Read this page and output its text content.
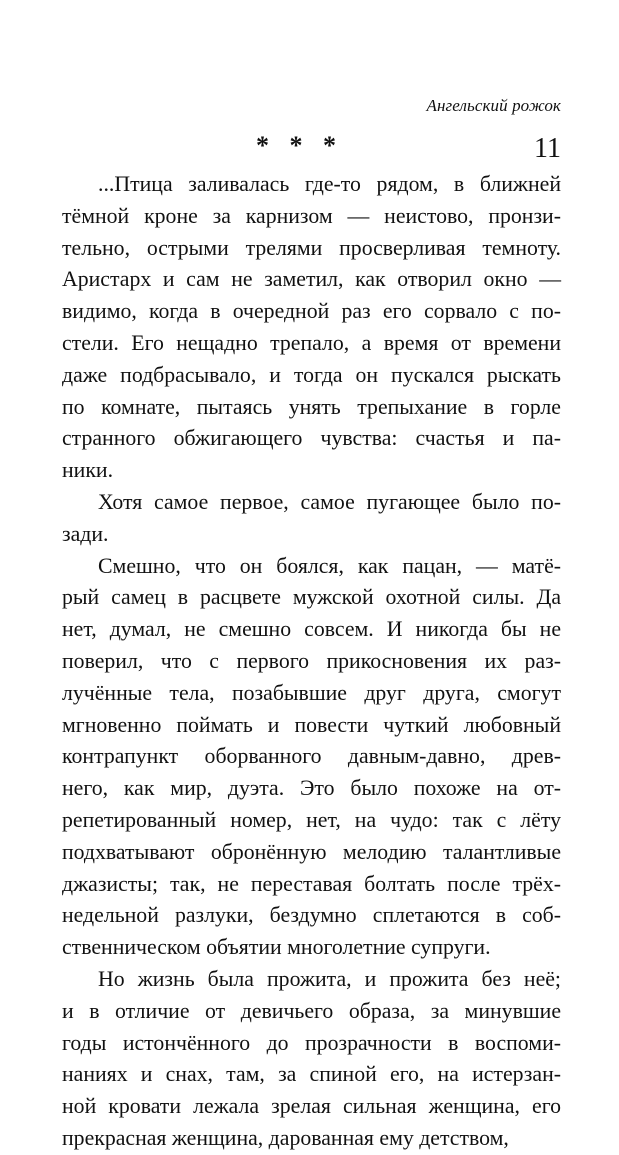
Ангельский рожок
* * *	11
...Птица заливалась где-то рядом, в ближней
тёмной кроне за карнизом — неистово, пронзи-
тельно, острыми трелями просверливая темноту.
Аристарх и сам не заметил, как отворил окно —
видимо, когда в очередной раз его сорвало с по-
стели. Его нещадно трепало, а время от времени
даже подбрасывало, и тогда он пускался рыскать
по комнате, пытаясь унять трепыхание в горле
странного обжигающего чувства: счастья и па-
ники.
Хотя самое первое, самое пугающее было по-
зади.
Смешно, что он боялся, как пацан, — матё-
рый самец в расцвете мужской охотной силы. Да
нет, думал, не смешно совсем. И никогда бы не
поверил, что с первого прикосновения их раз-
лучённые тела, позабывшие друг друга, смогут
мгновенно поймать и повести чуткий любовный
контрапункт оборванного давным-давно, древ-
него, как мир, дуэта. Это было похоже на от-
репетированный номер, нет, на чудо: так с лёту
подхватывают обронённую мелодию талантливые
джазисты; так, не переставая болтать после трёх-
недельной разлуки, бездумно сплетаются в соб-
ственническом объятии многолетние супруги.
Но жизнь была прожита, и прожита без неё;
и в отличие от девичьего образа, за минувшие
годы истончённого до прозрачности в воспоми-
наниях и снах, там, за спиной его, на истерзан-
ной кровати лежала зрелая сильная женщина, его
прекрасная женщина, дарованная ему детством,
